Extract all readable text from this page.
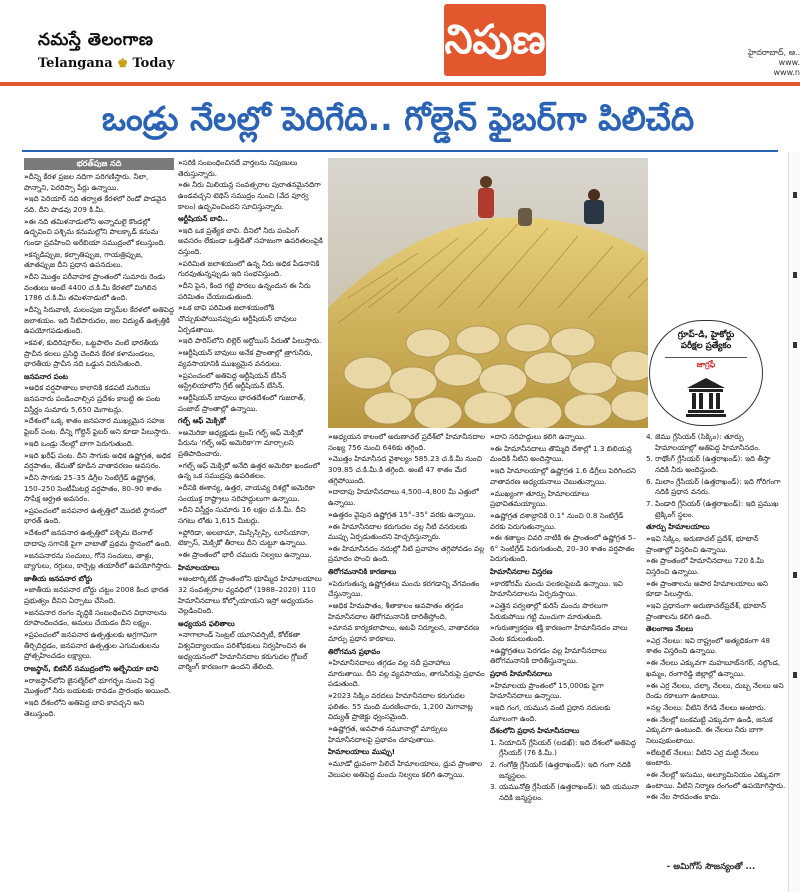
నమస్తే తెలంగాణ
Telangana ♚ Today
నిపుణ	హైదరాబాద్, ఆ..
www.
www.n
ఒండ్రు నేలల్లో పెరిగేది.. గోల్డెన్ ఫైబర్‌గా పిలిచేది
భరత్‌పుజ నది

» దీన్ని కేరళ ప్రజల నదిగా పరిగణిస్తారు. నీలా, పొన్నాని, పెరరిస్సా పేర్లు ఉన్నాయి.

» ఇది పెరియార్ నది తర్వాత కేరళలో రెండో పొడవైన నది. దీని పొడవు 209 కి.మీ.

» ఈ నది తమిళనాడులోని అన్నామలై కొండల్లో ఉద్భవించి పశ్చిమ కనుమల్లోని పాలక్కాడ్ కనుమ గుండా ప్రవహించి అరేబియా సముద్రంలో కలుస్తుంది.

» కన్నడిప్పుజ, కల్పాతిప్పుజ, గాయత్రిప్పుజ, తూతప్పుజ దీని ప్రధాన ఉపనదులు.

» దీని మొత్తం పరీవాహక ప్రాంతంలో సుమారు రెండు వంతులు అంటే 4400 చ.కి.మీ కేరళలో మిగిలిన 1786 చ.కి.మీ తమిళనాడులో ఉంది.

» దీన్ని సిరువాణి, మలంపుజ డ్యామ్‌ల కేరళలో అతిపెద్ద జలాశయం. ఇది నీటిపారుదల, జల విద్యుత్ ఉత్పత్తికి ఉపయోగపడుతుంది.

» కవళ, కుదిరిపూర్‌ల, ఒట్టపాలెం వంటి భారతీయ ప్రాచీన కలలు ప్రసిద్ధి చెందిన కేరళ కళామండలం, భారతీయ ప్రాచీన నది ఒడ్డున విరుసితుంది.

జనపనార పంట

» అధిక వర్షపాతాలు కాలానికి కడపటి మరియు జనపనారు పండించాల్సిన ప్రదేశం కాబట్టి ఈ పంట విస్తీర్ణం సుమారు 5,650 మెగాటన్లు.

» దేశంలో ఒక్క శాతం జనపనార ముఖ్యమైన సహజ ఫైబర్ పంట. దీన్ని గోల్డెన్ ఫైబర్ అని కూడా పిలుస్తారు.

» ఇది ఒండ్రు నేలల్లో బాగా పెరుగుతుంది.

» ఇది ఖరీఫ్ పంట. దీని సాగుకు అధిక ఉష్ణోగ్రత, అధిక వర్షపాతం, తేమతో కూడిన వాతావరణం అవసరం.

» దీని సాగుకు 25–35 డిగ్రీల సెంటిగ్రేడ్ ఉష్ణోగ్రత, 150–250 సెంటీమీటర్ల వర్షపాతం, 80–90 శాతం సాపేక్ష ఆర్ద్రత అవసరం.

» ప్రపంచంలో జనపనార ఉత్పత్తిలో మొదటి స్థానంలో భారత్ ఉంది.

» దేశంలో జనపనార ఉత్పత్తిలో పశ్చిమ బెంగాల్ దాదాపు సగానికి పైగా వాటాతో ప్రథమ స్థానంలో ఉంది.

» జనపనారను సంచులు, గోనె సంచులు, తాళ్లు, బ్యాగులు, రగ్గులు, కార్పెట్ల తయారీలో ఉపయోగిస్తారు.

జాతీయ జనపనార బోర్డు

» జాతీయ జనపనార బోర్డు చట్టం 2008 కింద భారత ప్రభుత్వం దీనిని ఏర్పాటు చేసింది.

» జనపనార రంగం వృద్ధికి సంబంధించిన విధానాలను రూపొందించడం, అమలు చేయడం దీని లక్ష్యం.

» ప్రపంచంలో జనపనార ఉత్పత్తులకు అగ్రగామిగా తీర్చిదిద్దడం, జనపనార ఉత్పత్తుల ఎగుమతులను ప్రోత్సహించడం లక్ష్యాలు.

రాజస్థాన్, బికనీర్ సముద్రంలోని అల్బేనియా బావి

» రాజస్థాన్‌లోని జైసల్మేర్‌లో భూగర్భం నుంచి పెద్ద మొత్తంలో నీరు బయటకు రావడం ప్రారంభం అయింది.

» ఇది దేశంలోని అతిపెద్ద బావి కావచ్చని అని తెలుస్తుంది.

» సరికి సంబంధించినదే వార్తలను నిపుణులు తెరుస్తున్నారు.

» ఈ నీరు మిలియన్ల సంవత్సరాల పురాతనమైనదిగా ఉండవచ్చని టెథిస్ సముద్రం నుంచి (వేద పూర్వ కాలం) ఉద్భవించిందని సూచిస్తున్నారు.

ఆర్టీషియన్ బావి..

» ఇది ఒక ప్రత్యేక బావి. దీనిలో నీరు పంపింగ్ అవసరం లేకుండా ఒత్తిడితో సహజంగా ఉపరితలంపైకి వస్తుంది.

» పరిమిత జలాశయంలో ఉన్న నీరు అధిక పీడనానికి గురవుతున్నప్పుడు ఇది సంభవిస్తుంది.

» దీని పైన, కింద గట్టి పొరలు ఉన్నందున ఈ నీరు పరిమితం చేయబడుతుంది.

» ఒక బావి పరిమిత జలాశయంలోకి చొచ్చుకుపోయినప్పుడు ఆర్టీషియన్ బావులు ఏర్పడతాయి.

» ఇది పారిస్‌లోని లిల్లెర్ ఆర్టోయిస్ పేరుతో పిలుస్తారు.

» ఆర్టీషియన్ బావులు అనేక ప్రాంతాల్లో త్రాగునీరు, వ్యవసాయానికి ముఖ్యమైన వనరులు.

» ప్రపంచంలో అతిపెద్ద ఆర్టీషియన్ బేసిన్ ఆస్ట్రేలియాలోని గ్రేట్ ఆర్టీషియన్ బేసిన్.

» ఆర్టీషియన్ బావులు భారతదేశంలో గుజరాత్, పంజాబ్ ప్రాంతాల్లో ఉన్నాయి.

గల్ఫ్ ఆఫ్ మెక్సికో

» అమెరికా అధ్యక్షుడు ట్రంప్ గల్ఫ్ ఆఫ్ మెక్సికో పేరును 'గల్ఫ్ ఆఫ్ అమెరికా'గా మార్చాలని ప్రతిపాదించారు.

» గల్ఫ్ ఆఫ్ మెక్సికో అనేది ఉత్తర అమెరికా ఖండంలో ఉన్న ఒక సముద్రపు ఉపరితలం.

» దీనికి ఈశాన్య, ఉత్తర, వాయవ్య దిశల్లో అమెరికా సంయుక్త రాష్ట్రాలు సరిహద్దులుగా ఉన్నాయి.

» దీని విస్తీర్ణం సుమారు 16 లక్షల చ.కి.మీ. దీని సగటు లోతు 1,615 మీటర్లు.

» ఫ్లోరిడా, అలబామా, మిస్సిస్సిప్పి, లూసియానా, టెక్సాస్, మెక్సికో తీరాలు దీని చుట్టూ ఉన్నాయి.

» ఈ ప్రాంతంలో భారీ చమురు నిల్వలు ఉన్నాయి.

హిమాలయాలు

» అంటార్కిటిక్ ప్రాంతంలోని భూమ్మీద హిమాలయాలు 32 సంవత్సరాల వ్యవధిలో (1988–2020) 110 హిమానీనదాలు కోల్పోయాయని ఇస్రో అధ్యయనం వెల్లడించింది.

అధ్యయన ఫలితాలు

» నాగాలాండ్ సెంట్రల్ యూనివర్సిటీ, కోల్‌కతా విశ్వవిద్యాలయం పరిశోధకులు నిర్వహించిన ఈ అధ్యయనంలో హిమానీనదాల కరుగుదల గ్లోబల్ వార్మింగ్ కారణంగా ఉందని తేలింది.

» అధ్యయన కాలంలో అరుణాచల్ ప్రదేశ్‌లో హిమానీనదాల సంఖ్య 756 నుంచి 646కు తగ్గింది.

» మొత్తం హిమానీనద వైశాల్యం 585.23 చ.కి.మీ నుంచి 309.85 చ.కి.మీ.కి తగ్గింది. అంటే 47 శాతం మేర తగ్గిపోయింది.

» దాదాపు హిమానీనదాలు 4,500–4,800 మీ ఎత్తులో ఉన్నాయి.

» ఉత్తరం వైపున ఉష్ణోగ్రత 15°–35° వరకు ఉన్నాయి.

» ఈ హిమానీనదాల కరుగుదల వల్ల నీటి వనరులకు ముప్పు ఏర్పడుతుందని హెచ్చరిస్తున్నారు.

» ఈ హిమానీనదం నదుల్లో నీటి ప్రవాహం తగ్గిపోవడం వల్ల ప్రమాదం పొంచి ఉంది.

తిరోగమనానికి కారణాలు

» పెరుగుతున్న ఉష్ణోగ్రతలు మంచు కరగడాన్ని వేగవంతం చేస్తున్నాయి.

» అధిక హిమపాతం, శీతాకాలం అవపాతం తగ్గడం హిమానీనదాల తిరోగమనానికి దారితీస్తోంది.

» మానవ కార్యకలాపాలు, అటవీ నిర్మూలన, వాతావరణ మార్పు ప్రధాన కారకాలు.

తిరోగమన ప్రభావం

» హిమానీనదాలు తగ్గడం వల్ల నదీ ప్రవాహాలు మారుతాయి. దీని వల్ల వ్యవసాయం, తాగునీరుపై ప్రభావం పడుతుంది.

» 2023 సిక్కిం వరదలు హిమానీనదాల కరుగుదల ఫలితం. 55 మంది మరణించారు, 1,200 మెగావాట్ల విద్యుత్ ప్రాజెక్టు ధ్వంసమైంది.

» ఉష్ణోగ్రత, అవపాత నమూనాల్లో మార్పులు హిమానీనదాలపై ప్రభావం చూపుతాయి.

హిమాలయాలు ముప్పు!

» మూడో ధ్రువంగా పిలిచే హిమాలయాలు, ధ్రువ ప్రాంతాల వెలుపల అతిపెద్ద మంచు నిల్వలు కలిగి ఉన్నాయి.

» దాని సరిహద్దులు కలిగి ఉన్నాయి.

» ఈ హిమానీనదాలు తొమ్మిది దేశాల్లో 1.3 బిలియన్ల మందికి నీటిని అందిస్తాయి.

» ఇది హిమాలయాల్లో ఉష్ణోగ్రత 1.6 డిగ్రీలు పెరిగిందని వాతావరణ అధ్యయనాలు చెబుతున్నాయి.

» ముఖ్యంగా తూర్పు హిమాలయాలు ప్రభావితమయ్యాయి.

» ఉష్ణోగ్రత దశాబ్దానికి 0.1° నుంచి 0.8 సెంటిగ్రేడ్ వరకు పెరుగుతున్నాయి.

» ఈ శతాబ్దం చివరి నాటికి ఈ ప్రాంతంలో ఉష్ణోగ్రత 5–6° సెంటిగ్రేడ్ పెరుగుతుంది, 20–30 శాతం వర్షపాతం పెరుగుతుంది.

హిమానీనదాల విస్తరణ

» కారకోరమ్ మంచు పలకలపైబడి ఉన్నాయి. ఇవి హిమానీనదాలను ఏర్పరుస్తాయి.

» ఎత్తైన పర్వతాల్లో కురిసే మంచు పొరలుగా పేరుకుపోయి గట్టి మంచుగా మారుతుంది.

» గురుత్వాకర్షణ శక్తి కారణంగా హిమానీనదం వాలు వెంట కదులుతుంది.

» ఉష్ణోగ్రతలు పెరగడం వల్ల హిమానీనదాలు తిరోగమనానికి దారితీస్తున్నాయి.

ప్రధాన హిమానీనదాలు

» హిమాలయ ప్రాంతంలో 15,000కు పైగా హిమానీనదాలు ఉన్నాయి.

» ఇది గంగ, యమున వంటి ప్రధాన నదులకు మూలంగా ఉంది.

దేశంలోని ప్రధాన హిమానీనదాలు

1. సియాచిన్ గ్లేసియర్ (లడఖ్): ఇది దేశంలో అతిపెద్ద గ్లేసియర్ (76 కి.మీ.)

2. గంగోత్రి గ్లేసియర్ (ఉత్తరాఖండ్): ఇది గంగా నదికి జన్మస్థలం.

3. యమునోత్రి గ్లేసియర్ (ఉత్తరాఖండ్): ఇది యమునా నదికి జన్మస్థలం.

గ్రూప్-డి, హైకోర్టు
పరీక్షల ప్రత్యేకం
జాగ్రఫీ

4. జెము గ్లేసియర్ (సిక్కిం): తూర్పు హిమాలయాల్లో అతిపెద్ద హిమానీనదం.

5. రాథోంగ్ గ్లేసియర్ (ఉత్తరాఖండ్): ఇది తీస్తా నదికి నీరు అందిస్తుంది.

6. మిలాం గ్లేసియర్ (ఉత్తరాఖండ్): ఇది గోరిగంగా నదికి ప్రధాన వనరు.

7. పిండారి గ్లేసియర్ (ఉత్తరాఖండ్): ఇది ప్రముఖ ట్రెక్కింగ్ స్థలం.

తూర్పు హిమాలయాలు

» ఇవి సిక్కిం, అరుణాచల్ ప్రదేశ్, భూటాన్ ప్రాంతాల్లో విస్తరించి ఉన్నాయి.

» ఈ ప్రాంతంలో హిమానీనదాలు 720 కి.మీ విస్తరించి ఉన్నాయి.

» ఈ ప్రాంతాలను అపార హిమాలయాలు అని కూడా పిలుస్తారు.

» ఇవి ప్రధానంగా అరుణాచల్‌ప్రదేశ్, భూటాన్ ప్రాంతాలను కలిగి ఉంది.

తెలంగాణ నేలలు

» ఎర్ర నేలలు: ఇవి రాష్ట్రంలో అత్యధికంగా 48 శాతం విస్తరించి ఉన్నాయి.

» ఈ నేలలు ఎక్కువగా మహబూబ్‌నగర్, నల్గొండ, ఖమ్మం, రంగారెడ్డి జిల్లాల్లో ఉన్నాయి.

» ఈ ఎర్ర నేలలు, చల్కా నేలలు, దుబ్బ నేలలు అని రెండు రకాలుగా ఉంటాయి.

» నల్ల నేలలు: వీటిని రేగడి నేలలు అంటారు.

» ఈ నేలల్లో బంకమట్టి ఎక్కువగా ఉండి, జనుక ఎక్కువగా ఉంటుంది. ఈ నేలలు నీరు బాగా నిలుపుకుంటాయి.

» లేటరైట్ నేలలు: వీటిని ఎర్ర మట్టి నేలలు అంటారు.

» ఈ నేలల్లో ఇనుము, అల్యూమినియం ఎక్కువగా ఉంటాయి. వీటిని నిర్మాణ రంగంలో ఉపయోగిస్తారు.

» ఈ నేల సారవంతం కాదు.

- అమిగోస్ సౌజన్యంతో ...
